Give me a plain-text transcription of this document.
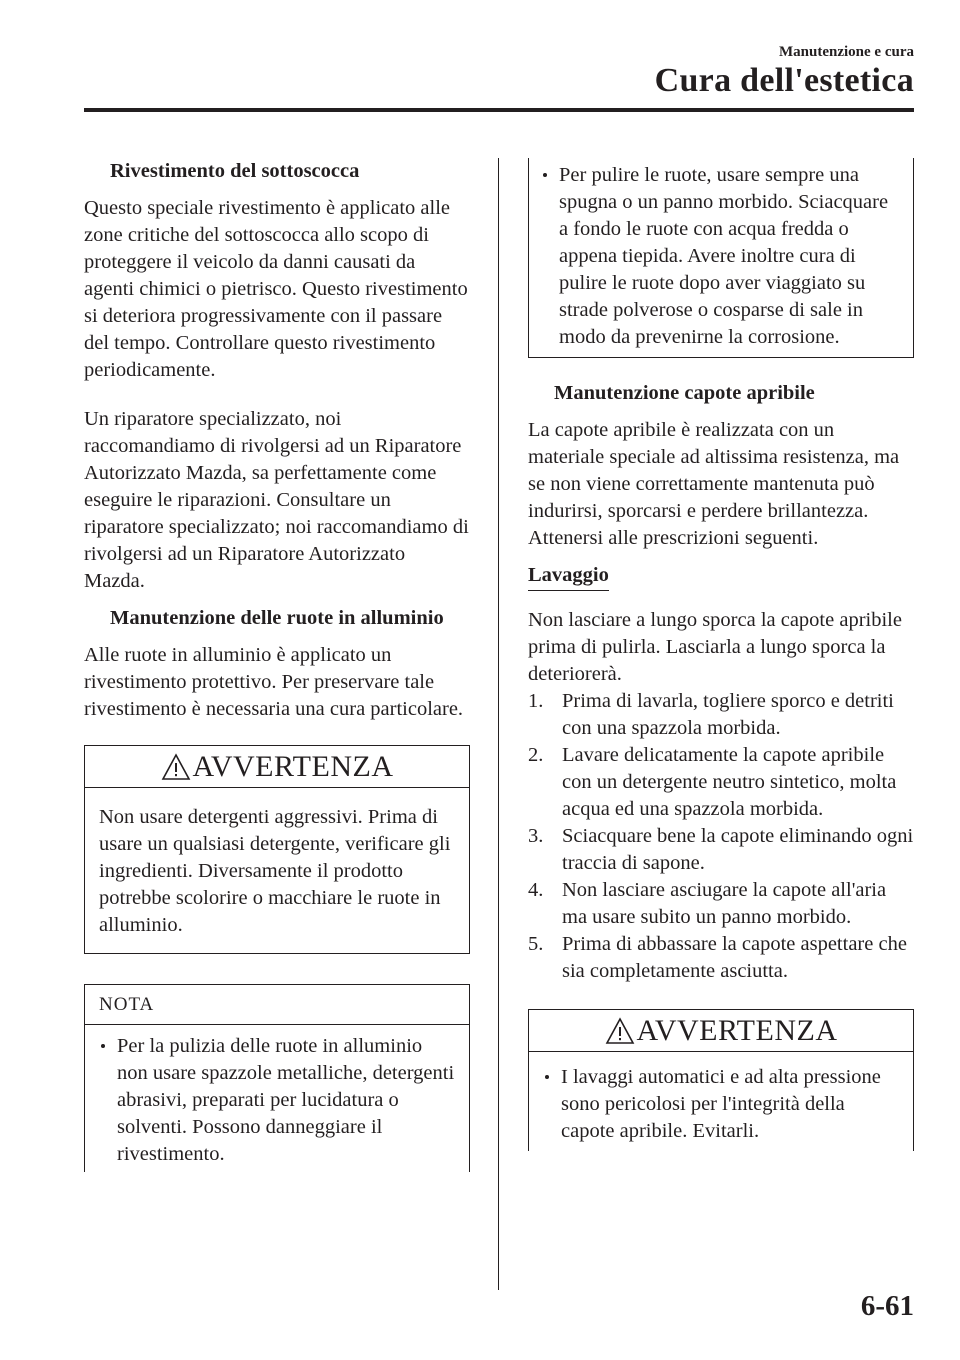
Manutenzione e cura
Cura dell'estetica
Rivestimento del sottoscocca
Questo speciale rivestimento è applicato alle zone critiche del sottoscocca allo scopo di proteggere il veicolo da danni causati da agenti chimici o pietrisco. Questo rivestimento si deteriora progressivamente con il passare del tempo. Controllare questo rivestimento periodicamente.
Un riparatore specializzato, noi raccomandiamo di rivolgersi ad un Riparatore Autorizzato Mazda, sa perfettamente come eseguire le riparazioni. Consultare un riparatore specializzato; noi raccomandiamo di rivolgersi ad un Riparatore Autorizzato Mazda.
Manutenzione delle ruote in alluminio
Alle ruote in alluminio è applicato un rivestimento protettivo. Per preservare tale rivestimento è necessaria una cura particolare.
AVVERTENZA
Non usare detergenti aggressivi. Prima di usare un qualsiasi detergente, verificare gli ingredienti. Diversamente il prodotto potrebbe scolorire o macchiare le ruote in alluminio.
NOTA
Per la pulizia delle ruote in alluminio non usare spazzole metalliche, detergenti abrasivi, preparati per lucidatura o solventi. Possono danneggiare il rivestimento.
Per pulire le ruote, usare sempre una spugna o un panno morbido. Sciacquare a fondo le ruote con acqua fredda o appena tiepida. Avere inoltre cura di pulire le ruote dopo aver viaggiato su strade polverose o cosparse di sale in modo da prevenirne la corrosione.
Manutenzione capote apribile
La capote apribile è realizzata con un materiale speciale ad altissima resistenza, ma se non viene correttamente mantenuta può indurirsi, sporcarsi e perdere brillantezza. Attenersi alle prescrizioni seguenti.
Lavaggio
Non lasciare a lungo sporca la capote apribile prima di pulirla. Lasciarla a lungo sporca la deteriorerà.
1. Prima di lavarla, togliere sporco e detriti con una spazzola morbida.
2. Lavare delicatamente la capote apribile con un detergente neutro sintetico, molta acqua ed una spazzola morbida.
3. Sciacquare bene la capote eliminando ogni traccia di sapone.
4. Non lasciare asciugare la capote all'aria ma usare subito un panno morbido.
5. Prima di abbassare la capote aspettare che sia completamente asciutta.
AVVERTENZA
I lavaggi automatici e ad alta pressione sono pericolosi per l'integrità della capote apribile. Evitarli.
6-61
